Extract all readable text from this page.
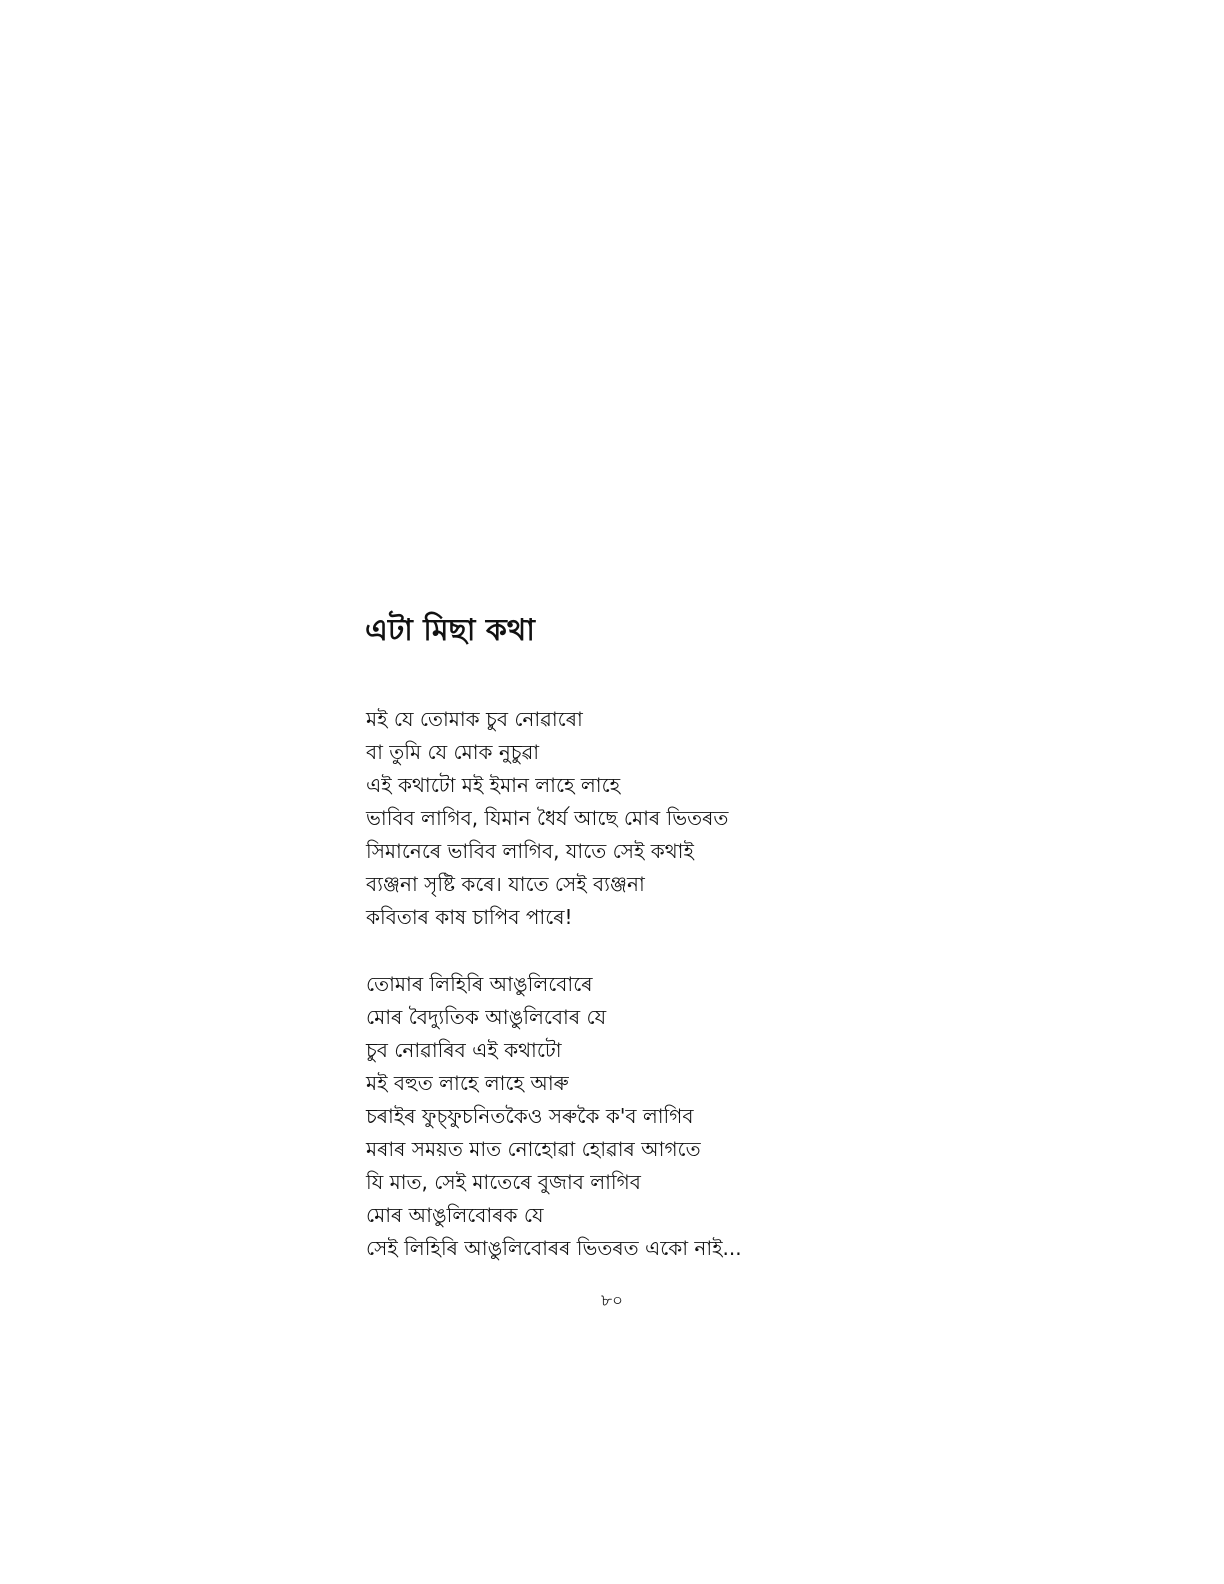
এটা মিছা কথা
মই যে তোমাক চুব নোৱাৰো
বা তুমি যে মোক নুচুৱা
এই কথাটো মই ইমান লাহে লাহে
ভাবিব লাগিব, যিমান ধৈৰ্য আছে মোৰ ভিতৰত
সিমানেৰে ভাবিব লাগিব, যাতে সেই কথাই
ব্যঞ্জনা সৃষ্টি কৰে। যাতে সেই ব্যঞ্জনা
কবিতাৰ কাষ চাপিব পাৰে!
তোমাৰ লিহিৰি আঙুলিবোৰে
মোৰ বৈদ্যুতিক আঙুলিবোৰ যে
চুব নোৱাৰিব এই কথাটো
মই বহুত লাহে লাহে আৰু
চৰাইৰ ফুচ্‌ফুচনিতকৈও সৰুকৈ ক'ব লাগিব
মৰাৰ সময়ত মাত নোহোৱা হোৱাৰ আগতে
যি মাত, সেই মাতেৰে বুজাব লাগিব
মোৰ আঙুলিবোৰক যে
সেই লিহিৰি আঙুলিবোৰৰ ভিতৰত একো নাই...
৮০
